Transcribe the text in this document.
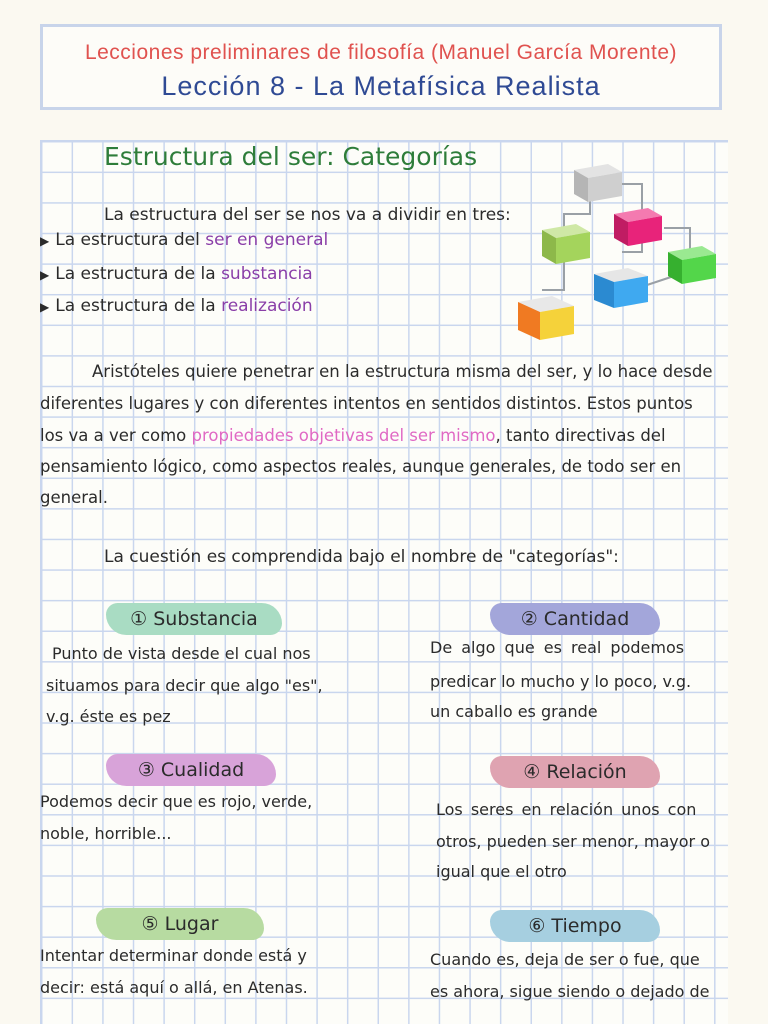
Lecciones preliminares de filosofía (Manuel García Morente)
Lección 8 - La Metafísica Realista
Estructura del ser: Categorías
La estructura del ser se nos va a dividir en tres:
▶ La estructura del ser en general
▶ La estructura de la substancia
▶ La estructura de la realización
Aristóteles quiere penetrar en la estructura misma del ser, y lo hace desde
diferentes lugares y con diferentes intentos en sentidos distintos. Estos puntos
los va a ver como propiedades objetivas del ser mismo, tanto directivas del
pensamiento lógico, como aspectos reales, aunque generales, de todo ser en
general.
La cuestión es comprendida bajo el nombre de "categorías":
① Substancia
Punto de vista desde el cual nos
situamos para decir que algo "es",
v.g. éste es pez
② Cantidad
De algo que es real podemos
predicar lo mucho y lo poco, v.g.
un caballo es grande
③ Cualidad
Podemos decir que es rojo, verde,
noble, horrible...
④ Relación
Los seres en relación unos con
otros, pueden ser menor, mayor o
igual que el otro
⑤ Lugar
Intentar determinar donde está y
decir: está aquí o allá, en Atenas.
⑥ Tiempo
Cuando es, deja de ser o fue, que
es ahora, sigue siendo o dejado de
